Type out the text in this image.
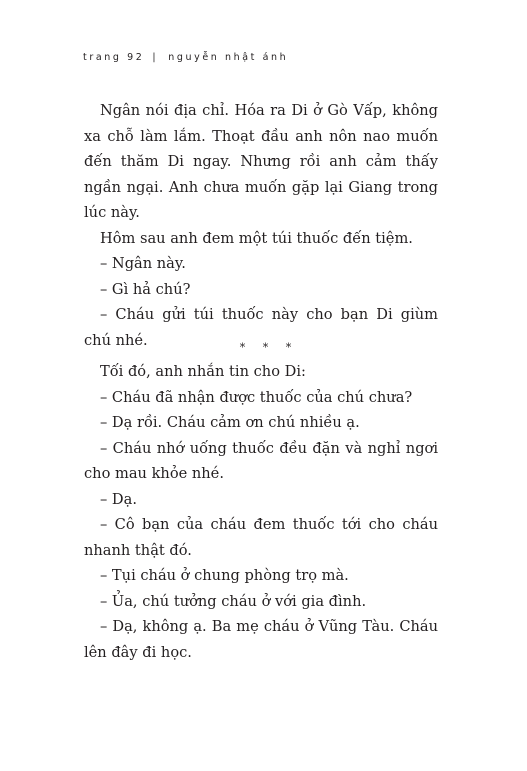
trang 92 | nguyễn nhật ánh

Ngân nói địa chỉ. Hóa ra Di ở Gò Vấp, không xa chỗ làm lắm. Thoạt đầu anh nôn nao muốn đến thăm Di ngay. Nhưng rồi anh cảm thấy ngần ngại. Anh chưa muốn gặp lại Giang trong lúc này.

Hôm sau anh đem một túi thuốc đến tiệm.

– Ngân này.

– Gì hả chú?

– Cháu gửi túi thuốc này cho bạn Di giùm chú nhé.	* * *

Tối đó, anh nhắn tin cho Di:

– Cháu đã nhận được thuốc của chú chưa?

– Dạ rồi. Cháu cảm ơn chú nhiều ạ.

– Cháu nhớ uống thuốc đều đặn và nghỉ ngơi cho mau khỏe nhé.

– Dạ.

– Cô bạn của cháu đem thuốc tới cho cháu nhanh thật đó.

– Tụi cháu ở chung phòng trọ mà.

– Ủa, chú tưởng cháu ở với gia đình.

– Dạ, không ạ. Ba mẹ cháu ở Vũng Tàu. Cháu lên đây đi học.
